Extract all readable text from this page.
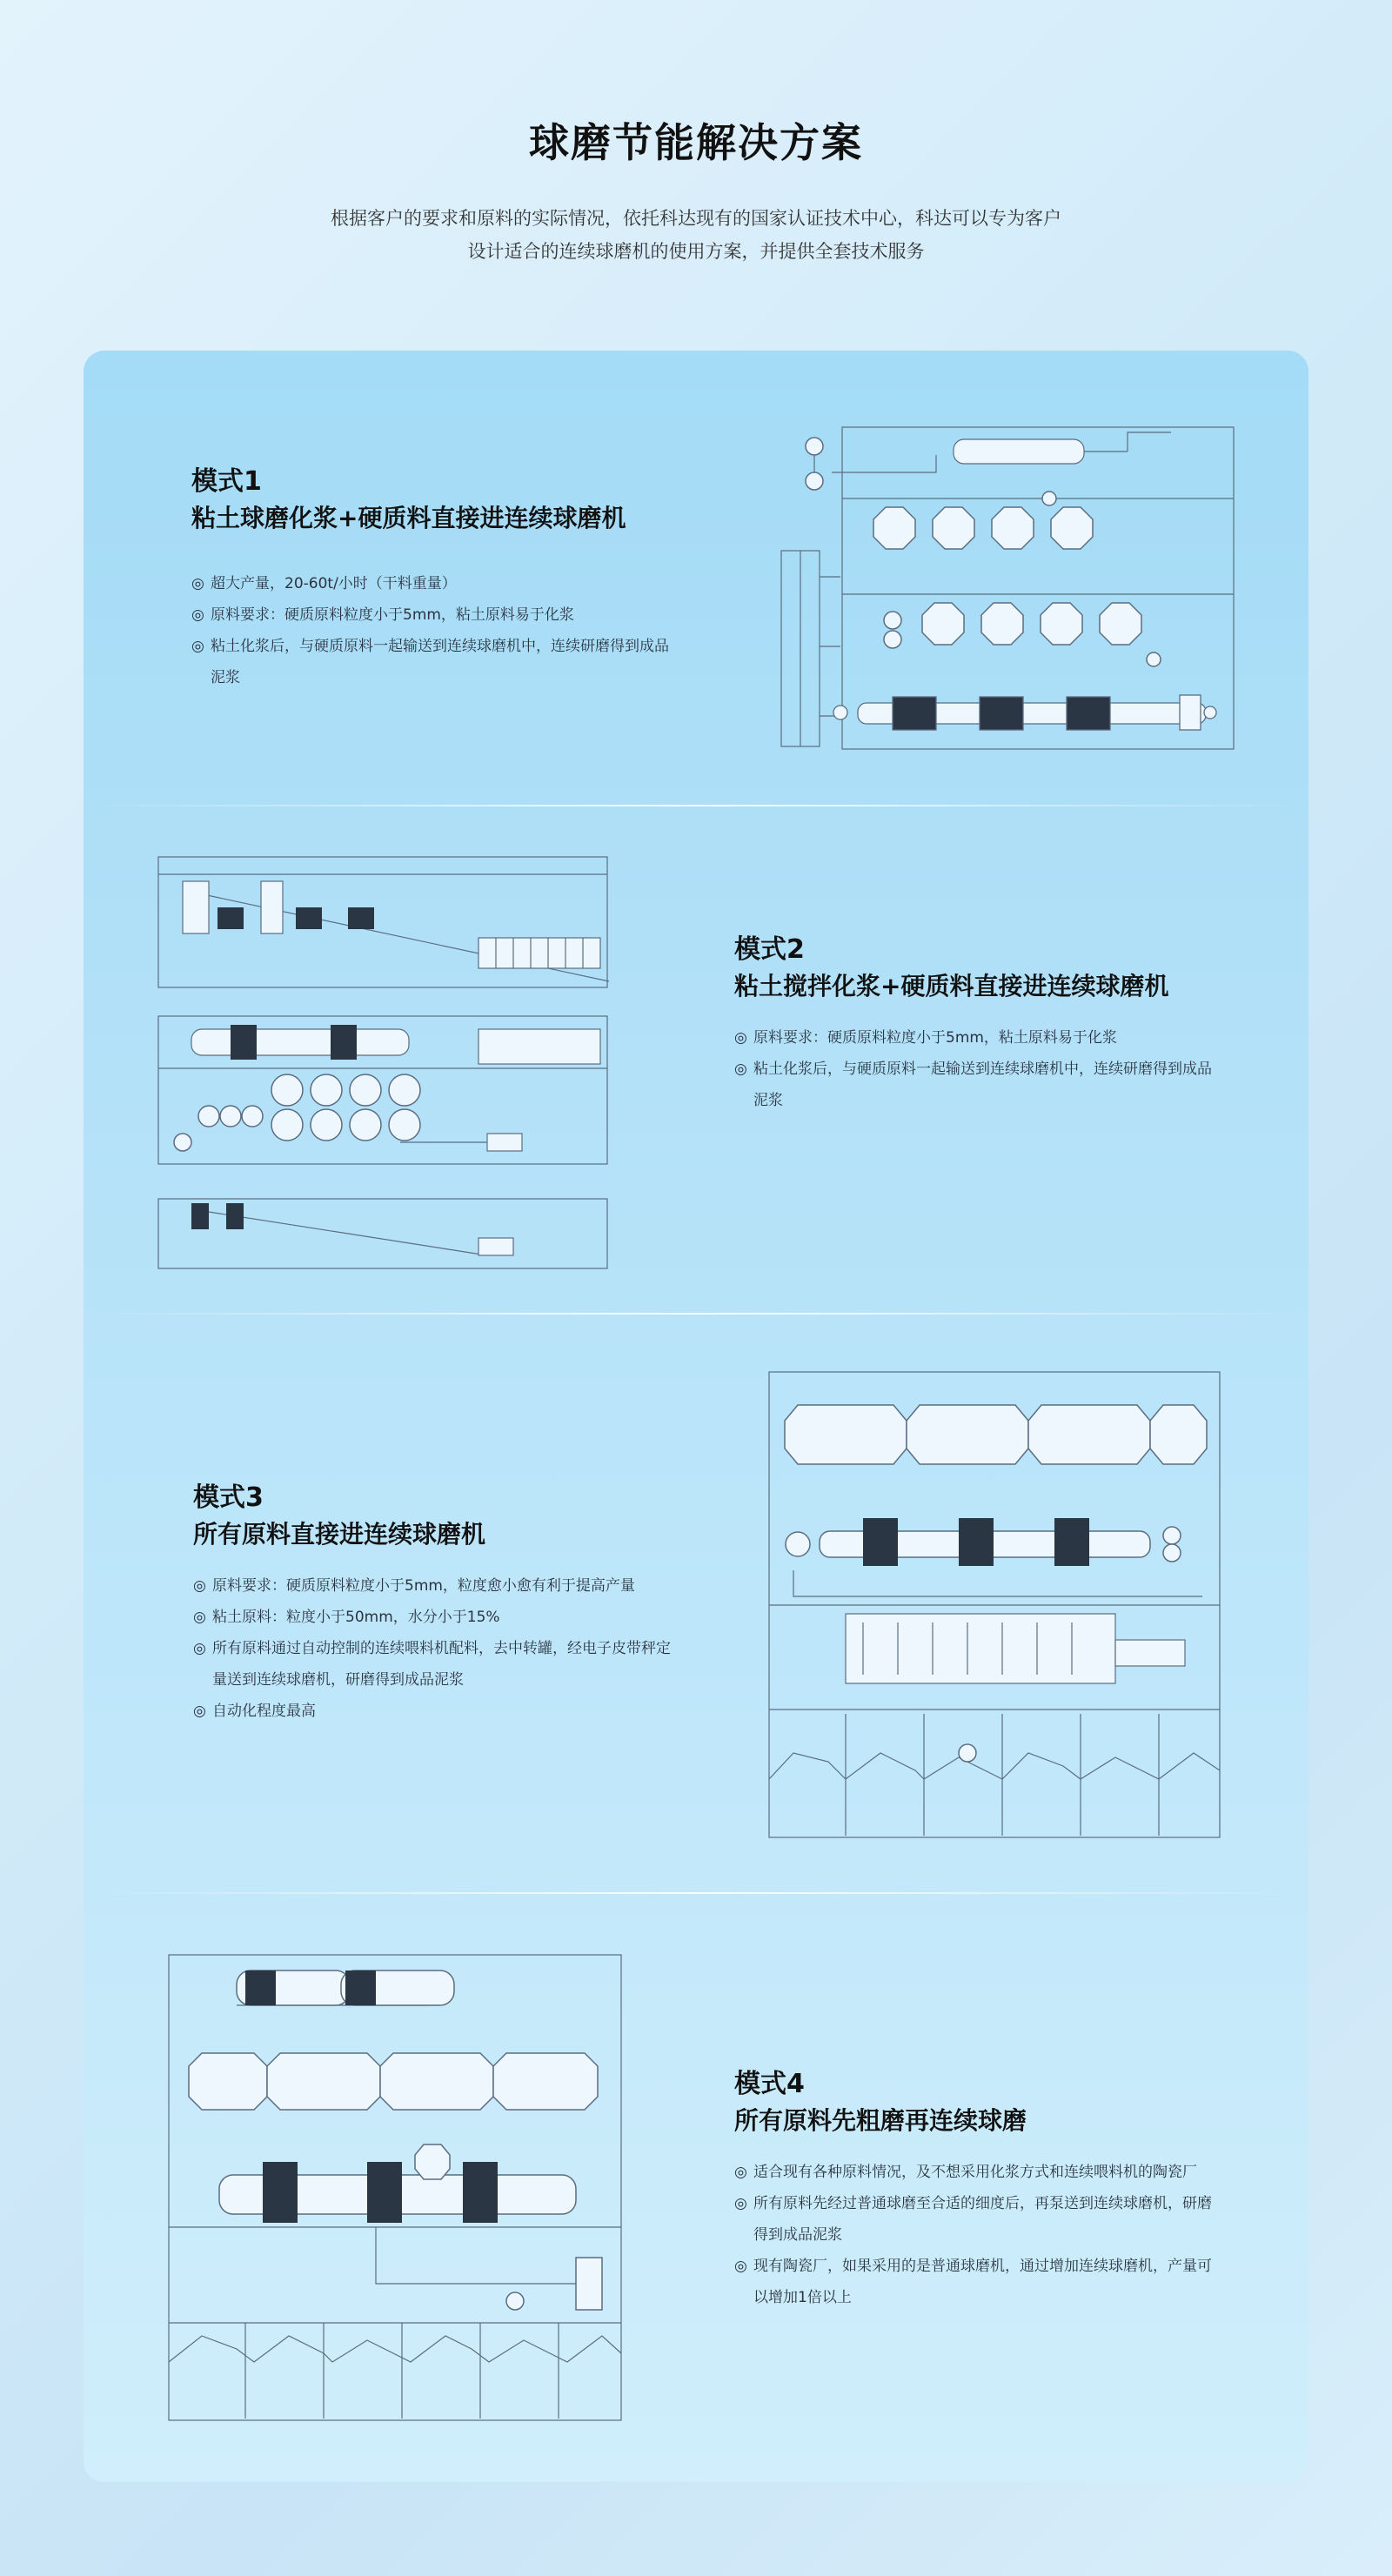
球磨节能解决方案
根据客户的要求和原料的实际情况，依托科达现有的国家认证技术中心，科达可以专为客户
设计适合的连续球磨机的使用方案，并提供全套技术服务
模式1
粘土球磨化浆+硬质料直接进连续球磨机
◎ 超大产量，20-60t/小时（干料重量）
◎ 原料要求：硬质原料粒度小于5mm，粘土原料易于化浆
◎ 粘土化浆后，与硬质原料一起输送到连续球磨机中，连续研磨得到成品泥浆
模式2
粘土搅拌化浆+硬质料直接进连续球磨机
◎ 原料要求：硬质原料粒度小于5mm，粘土原料易于化浆
◎ 粘土化浆后，与硬质原料一起输送到连续球磨机中，连续研磨得到成品泥浆
模式3
所有原料直接进连续球磨机
◎ 原料要求：硬质原料粒度小于5mm，粒度愈小愈有利于提高产量
◎ 粘土原料：粒度小于50mm，水分小于15%
◎ 所有原料通过自动控制的连续喂料机配料，去中转罐，经电子皮带秤定量送到连续球磨机，研磨得到成品泥浆
◎ 自动化程度最高
模式4
所有原料先粗磨再连续球磨
◎ 适合现有各种原料情况，及不想采用化浆方式和连续喂料机的陶瓷厂
◎ 所有原料先经过普通球磨至合适的细度后，再泵送到连续球磨机，研磨得到成品泥浆
◎ 现有陶瓷厂，如果采用的是普通球磨机，通过增加连续球磨机，产量可以增加1倍以上
